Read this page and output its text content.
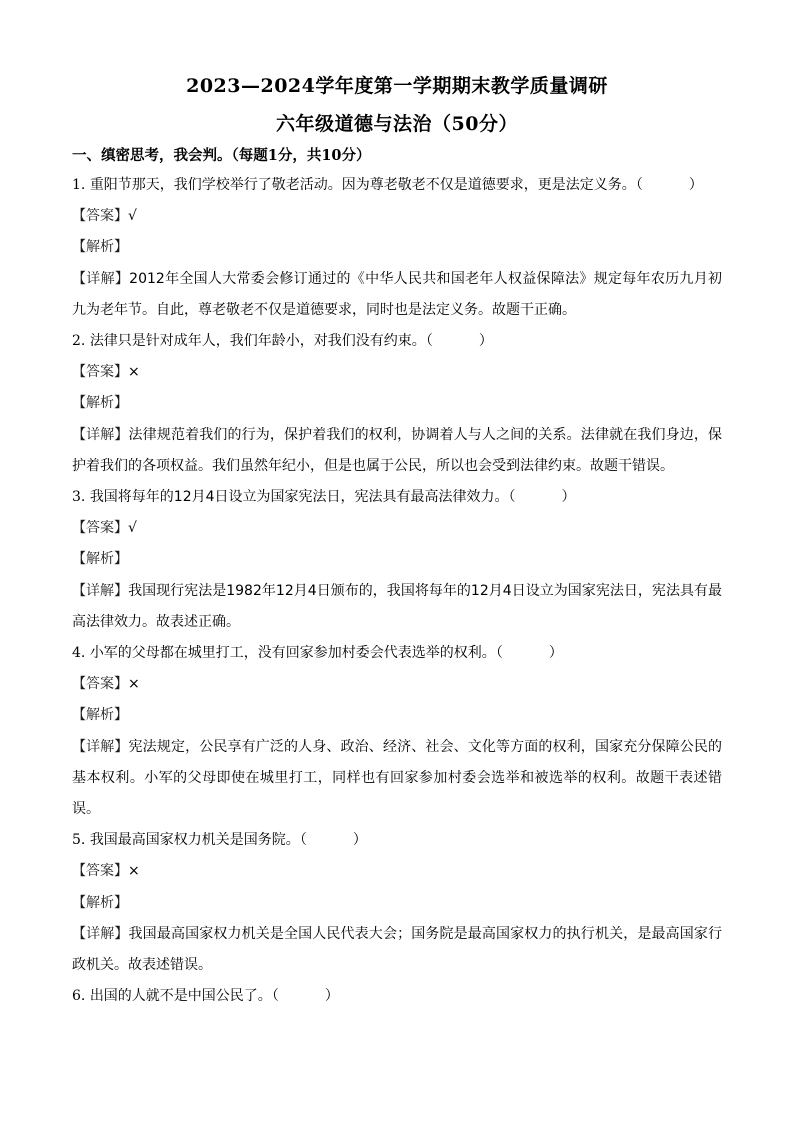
2023—2024学年度第一学期期末教学质量调研
六年级道德与法治（50分）
一、缜密思考，我会判。（每题1分，共10分）
1. 重阳节那天，我们学校举行了敬老活动。因为尊老敬老不仅是道德要求，更是法定义务。（	）
【答案】√
【解析】
【详解】2012年全国人大常委会修订通过的《中华人民共和国老年人权益保障法》规定每年农历九月初九为老年节。自此，尊老敬老不仅是道德要求，同时也是法定义务。故题干正确。
2. 法律只是针对成年人，我们年龄小，对我们没有约束。（	）
【答案】×
【解析】
【详解】法律规范着我们的行为，保护着我们的权利，协调着人与人之间的关系。法律就在我们身边，保护着我们的各项权益。我们虽然年纪小，但是也属于公民，所以也会受到法律约束。故题干错误。
3. 我国将每年的12月4日设立为国家宪法日，宪法具有最高法律效力。（	）
【答案】√
【解析】
【详解】我国现行宪法是1982年12月4日颁布的，我国将每年的12月4日设立为国家宪法日，宪法具有最高法律效力。故表述正确。
4. 小军的父母都在城里打工，没有回家参加村委会代表选举的权利。（	）
【答案】×
【解析】
【详解】宪法规定，公民享有广泛的人身、政治、经济、社会、文化等方面的权利，国家充分保障公民的基本权利。小军的父母即使在城里打工，同样也有回家参加村委会选举和被选举的权利。故题干表述错误。
5. 我国最高国家权力机关是国务院。（	）
【答案】×
【解析】
【详解】我国最高国家权力机关是全国人民代表大会；国务院是最高国家权力的执行机关，是最高国家行政机关。故表述错误。
6. 出国的人就不是中国公民了。（	）
